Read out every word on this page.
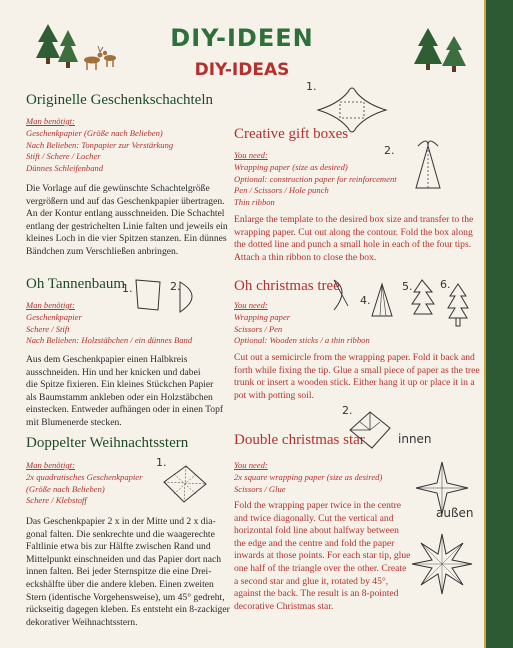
DIY-IDEEN
DIY-IDEAS
Originelle Geschenkschachteln
Man benötigt:
Geschenkpapier (Größe nach Belieben)
Nach Belieben: Tonpapier zur Verstärkung
Stift / Schere / Locher
Dünnes Schleifenband
Die Vorlage auf die gewünschte Schachtelgröße
vergrößern und auf das Geschenkpapier übertragen.
An der Kontur entlang ausschneiden. Die Schachtel
entlang der gestrichelten Linie falten und jeweils ein
kleines Loch in die vier Spitzen stanzen. Ein dünnes
Bändchen zum Verschließen anbringen.
1.
2.
Creative gift boxes
You need:
Wrapping paper (size as desired)
Optional: construction paper for reinforcement
Pen / Scissors / Hole punch
Thin ribbon
Enlarge the template to the desired box size and transfer to the
wrapping paper. Cut out along the contour. Fold the box along
the dotted line and punch a small hole in each of the four tips.
Attach a thin ribbon to close the box.
Oh Tannenbaum
Man benötigt:
Geschenkpapier
Schere / Stift
Nach Belieben: Holzstäbchen / ein dünnes Band
Aus dem Geschenkpapier einen Halbkreis
ausschneiden. Hin und her knicken und dabei
die Spitze fixieren. Ein kleines Stückchen Papier
als Baumstamm ankleben oder ein Holzstäbchen
einstecken. Entweder aufhängen oder in einen Topf
mit Blumenerde stecken.
1.	2.	Oh christmas tree
You need:
Wrapping paper
Scissors / Pen
Optional: Wooden sticks / a thin ribbon
Cut out a semicircle from the wrapping paper. Fold it back and
forth while fixing the tip. Glue a small piece of paper as the tree
trunk or insert a wooden stick. Either hang it up or place it in a
pot with potting soil.
4.
5.	6.
Doppelter Weihnachtsstern
Man benötigt:
2x quadratisches Geschenkpapier
(Größe nach Belieben)
Schere / Klebstoff
Das Geschenkpapier 2 x in der Mitte und 2 x dia-
gonal falten. Die senkrechte und die waagerechte
Faltlinie etwa bis zur Hälfte zwischen Rand und
Mittelpunkt einschneiden und das Papier dort nach
innen falten. Bei jeder Sternspitze die eine Drei-
eckshälfte über die andere kleben. Einen zweiten
Stern (identische Vorgehensweise), um 45° gedreht,
rückseitig dagegen kleben. Es entsteht ein 8-zackiger
dekorativer Weihnachtsstern.
1.
Double christmas star
You need:
2x square wrapping paper (size as desired)
Scissors / Glue
Fold the wrapping paper twice in the centre
and twice diagonally. Cut the vertical and
horizontal fold line about halfway between
the edge and the centre and fold the paper
inwards at those points. For each star tip, glue
one half of the triangle over the other. Create
a second star and glue it, rotated by 45°,
against the back. The result is an 8-pointed
decorative Christmas star.
2.
innen
außen
